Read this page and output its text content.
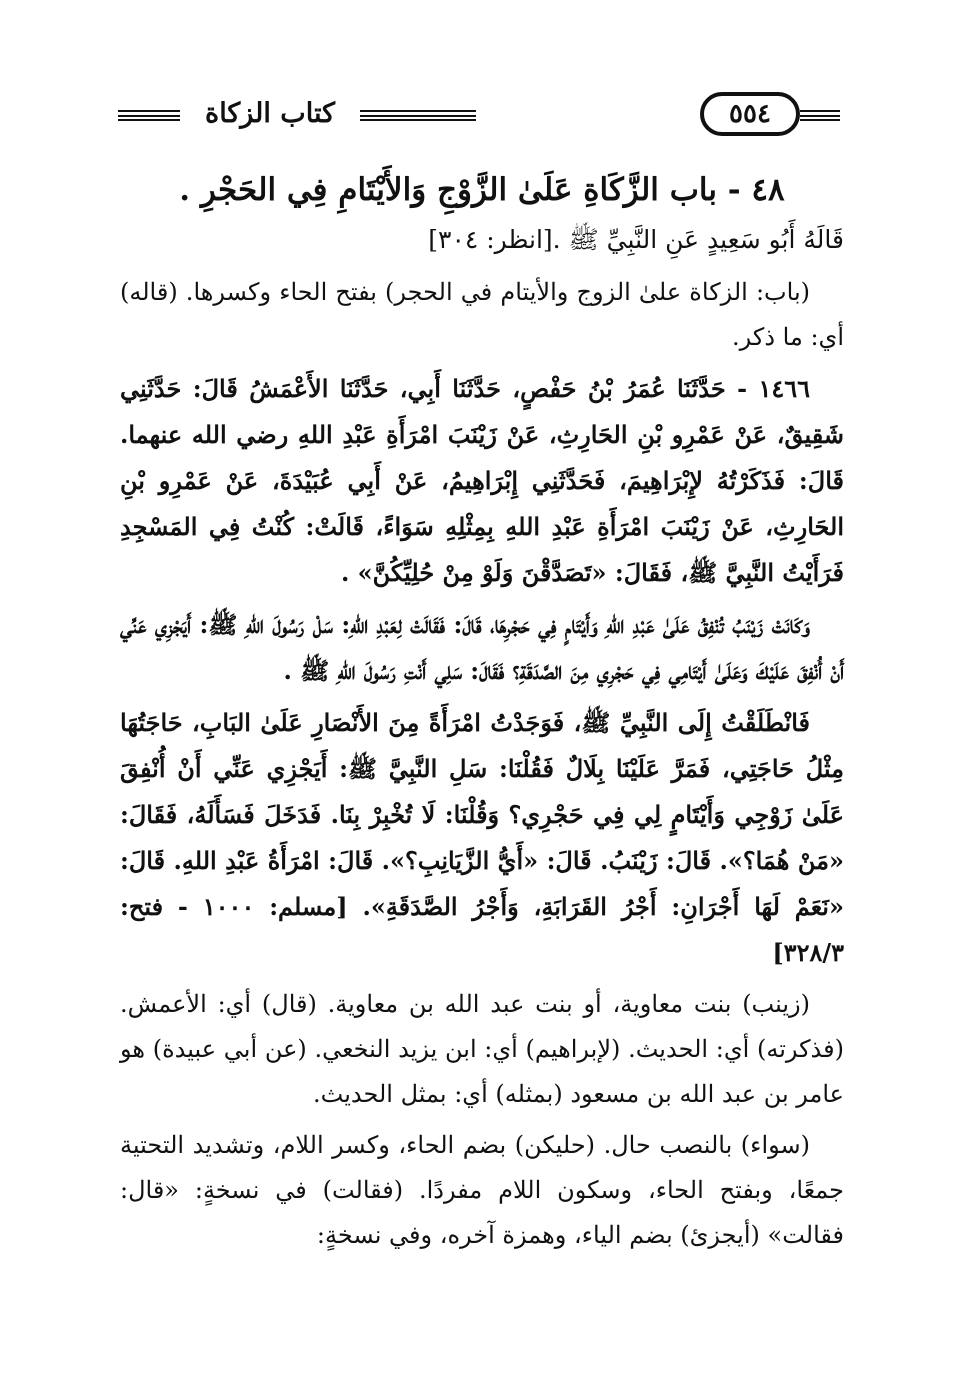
كتاب الزكاة	٥٥٤
٤٨ - باب الزَّكَاةِ عَلَىٰ الزَّوْجِ وَالأَيْتَامِ فِي الحَجْرِ .

قَالَهُ أَبُو سَعِيدٍ عَنِ النَّبِيِّ ﷺ .[انظر: ٣٠٤]

(باب: الزكاة علىٰ الزوج والأيتام في الحجر) بفتح الحاء وكسرها. (قاله) أي: ما ذكر.

١٤٦٦ - حَدَّثَنَا عُمَرُ بْنُ حَفْصٍ، حَدَّثَنَا أَبِي، حَدَّثَنَا الأَعْمَشُ قَالَ: حَدَّثَنِي شَقِيقٌ، عَنْ عَمْرِو بْنِ الحَارِثِ، عَنْ زَيْنَبَ امْرَأَةِ عَبْدِ اللهِ رضي الله عنهما. قَالَ: فَذَكَرْتُهُ لإِبْرَاهِيمَ، فَحَدَّثَنِي إِبْرَاهِيمُ، عَنْ أَبِي عُبَيْدَةَ، عَنْ عَمْرِو بْنِ الحَارِثِ، عَنْ زَيْنَبَ امْرَأَةِ عَبْدِ اللهِ بِمِثْلِهِ سَوَاءً، قَالَتْ: كُنْتُ فِي المَسْجِدِ فَرَأَيْتُ النَّبِيَّ ﷺ، فَقَالَ: «تَصَدَّقْنَ وَلَوْ مِنْ حُلِيِّكُنَّ» .

وَكَانَتْ زَيْنَبُ تُنْفِقُ عَلَىٰ عَبْدِ اللهِ وَأَيْتَامٍ فِي حَجْرِهَا، قَالَ: فَقَالَتْ لِعَبْدِ اللهِ: سَلْ رَسُولَ اللهِ ﷺ: أَيَجْزِي عَنِّي أَنْ أُنْفِقَ عَلَيْكَ وَعَلَىٰ أَيْتَامِي فِي حَجْرِي مِنَ الصَّدَقَةِ؟ فَقَالَ: سَلِي أَنْتِ رَسُولَ اللهِ ﷺ .

فَانْطَلَقْتُ إِلَى النَّبِيِّ ﷺ، فَوَجَدْتُ امْرَأَةً مِنَ الأَنْصَارِ عَلَىٰ البَابِ، حَاجَتُهَا مِثْلُ حَاجَتِي، فَمَرَّ عَلَيْنَا بِلَالٌ فَقُلْنَا: سَلِ النَّبِيَّ ﷺ: أَيَجْزِي عَنِّي أَنْ أُنْفِقَ عَلَىٰ زَوْجِي وَأَيْتَامٍ لِي فِي حَجْرِي؟ وَقُلْنَا: لَا تُخْبِرْ بِنَا. فَدَخَلَ فَسَأَلَهُ، فَقَالَ: «مَنْ هُمَا؟». قَالَ: زَيْنَبُ. قَالَ: «أَيُّ الزَّيَانِبِ؟». قَالَ: امْرَأَةُ عَبْدِ اللهِ. قَالَ: «نَعَمْ لَهَا أَجْرَانِ: أَجْرُ القَرَابَةِ، وَأَجْرُ الصَّدَقَةِ». [مسلم: ١٠٠٠ - فتح: ٣٢٨/٣]

(زينب) بنت معاوية، أو بنت عبد الله بن معاوية. (قال) أي: الأعمش. (فذكرته) أي: الحديث. (لإبراهيم) أي: ابن يزيد النخعي. (عن أبي عبيدة) هو عامر بن عبد الله بن مسعود (بمثله) أي: بمثل الحديث.

(سواء) بالنصب حال. (حليكن) بضم الحاء، وكسر اللام، وتشديد التحتية جمعًا، وبفتح الحاء، وسكون اللام مفردًا. (فقالت) في نسخةٍ: «قال: فقالت» (أيجزئ) بضم الياء، وهمزة آخره، وفي نسخةٍ:
